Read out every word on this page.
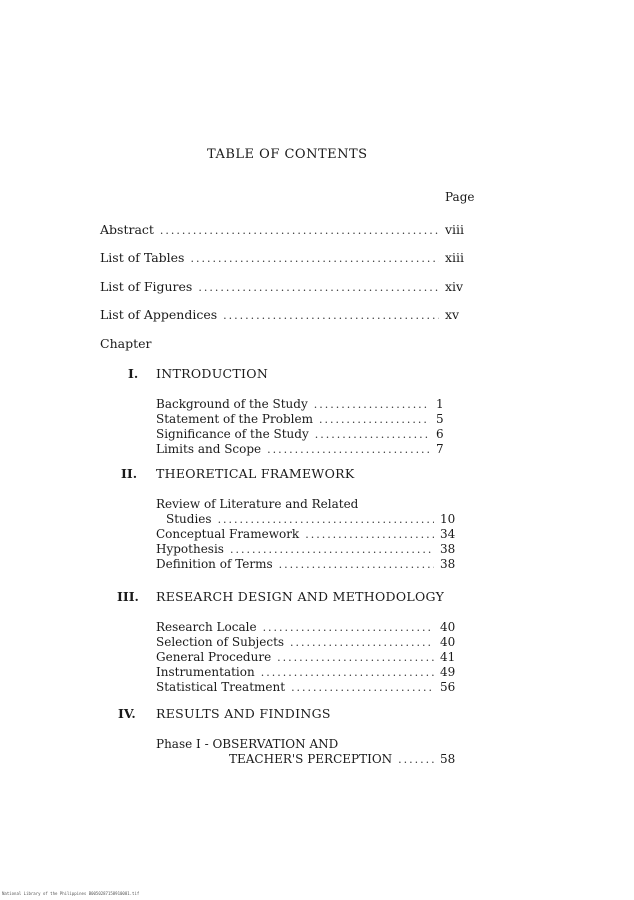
TABLE OF CONTENTS
Page
Abstract .....	viii
List of Tables .....	xiii
List of Figures .....	xiv
List of Appendices .....	xv
Chapter
I. INTRODUCTION
Background of the Study .....	1
Statement of the Problem .....	5
Significance of the Study .....	6
Limits and Scope .....	7
II. THEORETICAL FRAMEWORK
Review of Literature and Related
Studies .....	10
Conceptual Framework .....	34
Hypothesis .....	38
Definition of Terms .....	38
III. RESEARCH DESIGN AND METHODOLOGY
Research Locale .....	40
Selection of Subjects .....	40
General Procedure .....	41
Instrumentation .....	49
Statistical Treatment .....	56
IV. RESULTS AND FINDINGS
Phase I - OBSERVATION AND
TEACHER'S PERCEPTION .....	58
National Library of the Philippines B0050287158910081.tif
